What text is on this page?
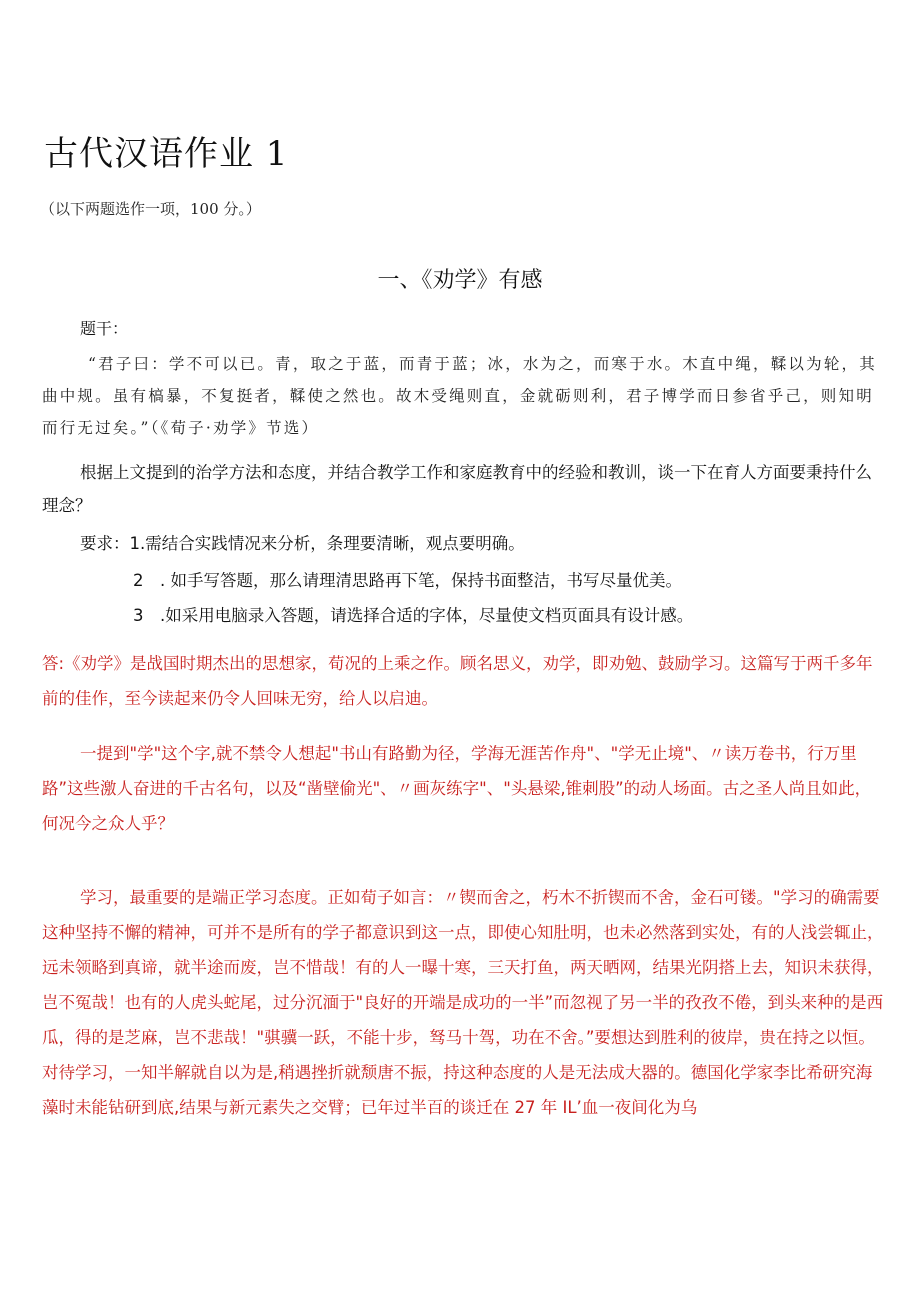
古代汉语作业 1

（以下两题选作一项，100 分。）

一、《劝学》有感

题干：

“君子曰：学不可以已。青，取之于蓝，而青于蓝；冰，水为之，而寒于水。木直中绳，鞣以为轮，其曲中规。虽有槁暴，不复挺者，鞣使之然也。故木受绳则直，金就砺则利，君子博学而日参省乎己，则知明而行无过矣。”（《荀子·劝学》节选）

根据上文提到的治学方法和态度，并结合教学工作和家庭教育中的经验和教训，谈一下在育人方面要秉持什么理念？

要求：1.需结合实践情况来分析，条理要清晰，观点要明确。

2　. 如手写答题，那么请理清思路再下笔，保持书面整洁，书写尽量优美。

3　.如采用电脑录入答题，请选择合适的字体，尽量使文档页面具有设计感。

答:《劝学》是战国时期杰出的思想家，荀况的上乘之作。顾名思义，劝学，即劝勉、鼓励学习。这篇写于两千多年前的佳作，至今读起来仍令人回味无穷，给人以启迪。

一提到"学"这个字,就不禁令人想起"书山有路勤为径，学海无涯苦作舟"、"学无止境"、〃读万卷书，行万里路”这些激人奋进的千古名句，以及“凿壁偷光"、〃画灰练字"、"头悬梁,锥刺股”的动人场面。古之圣人尚且如此，何况今之众人乎？

学习，最重要的是端正学习态度。正如荀子如言：〃锲而舍之，朽木不折锲而不舍，金石可镂。"学习的确需要这种坚持不懈的精神，可并不是所有的学子都意识到这一点，即使心知肚明，也未必然落到实处，有的人浅尝辄止，远未领略到真谛，就半途而废，岂不惜哉！有的人一曝十寒，三天打鱼，两天晒网，结果光阴搭上去，知识未获得，岂不冤哉！也有的人虎头蛇尾，过分沉湎于"良好的开端是成功的一半”而忽视了另一半的孜孜不倦，到头来种的是西瓜，得的是芝麻，岂不悲哉！"骐骥一跃，不能十步，驽马十驾，功在不舍。”要想达到胜利的彼岸，贵在持之以恒。对待学习，一知半解就自以为是,稍遇挫折就颓唐不振，持这种态度的人是无法成大器的。德国化学家李比希研究海藻时未能钻研到底,结果与新元素失之交臂；已年过半百的谈迁在 27 年 IL’血一夜间化为乌
